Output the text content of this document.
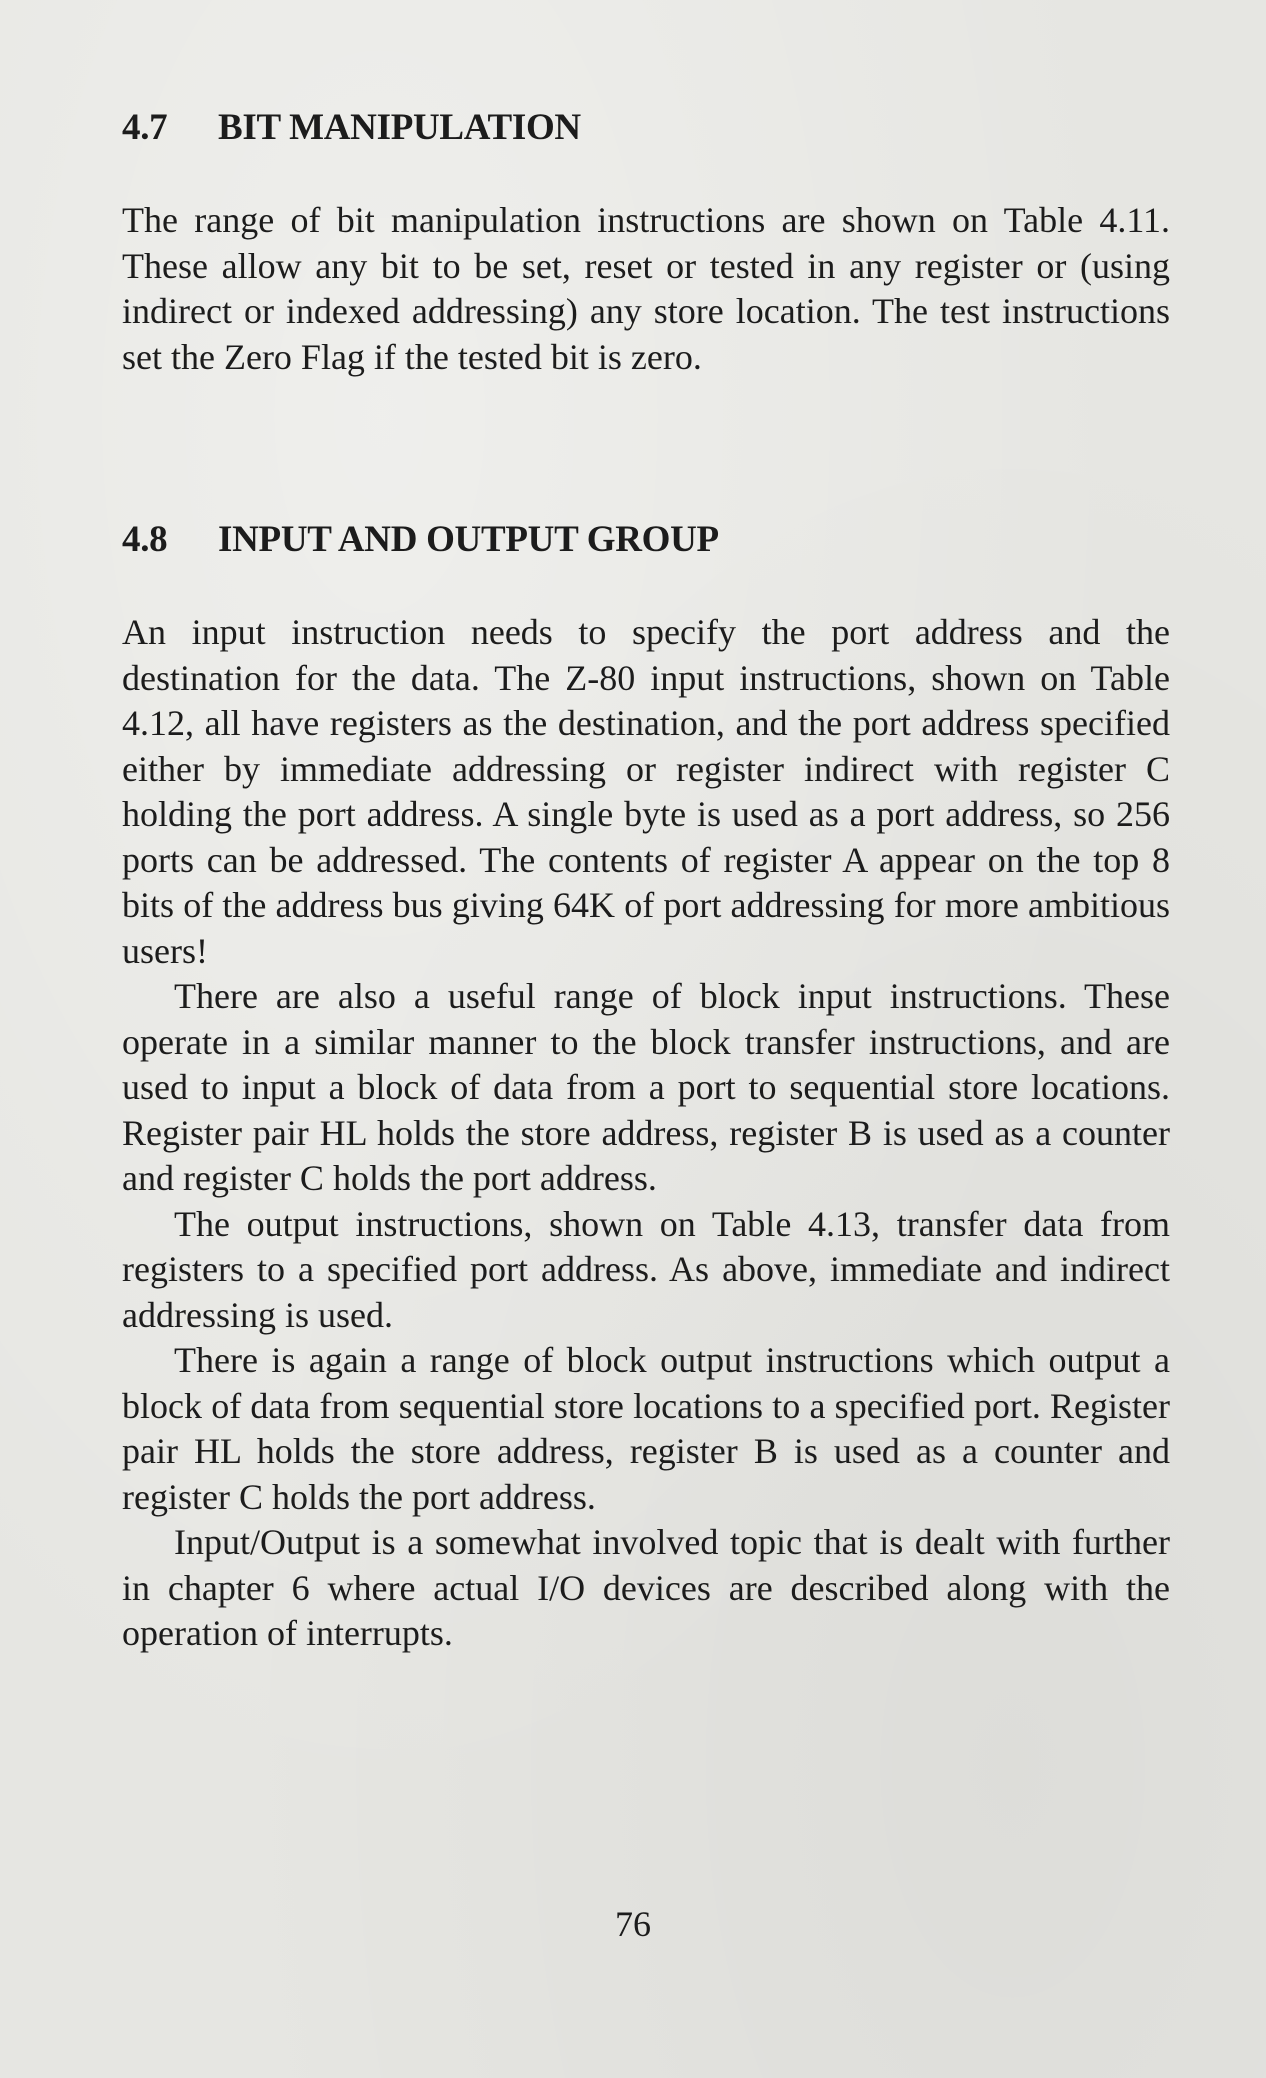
4.7 BIT MANIPULATION

The range of bit manipulation instructions are shown on Table 4.11. These allow any bit to be set, reset or tested in any register or (using indirect or indexed addressing) any store location. The test instructions set the Zero Flag if the tested bit is zero.

4.8 INPUT AND OUTPUT GROUP

An input instruction needs to specify the port address and the destination for the data. The Z-80 input instructions, shown on Table 4.12, all have registers as the destination, and the port address specified either by immediate addressing or register indirect with register C holding the port address. A single byte is used as a port address, so 256 ports can be addressed. The contents of register A appear on the top 8 bits of the address bus giving 64K of port addressing for more ambitious users!

There are also a useful range of block input instructions. These operate in a similar manner to the block transfer instructions, and are used to input a block of data from a port to sequential store locations. Register pair HL holds the store address, register B is used as a counter and register C holds the port address.

The output instructions, shown on Table 4.13, transfer data from registers to a specified port address. As above, immediate and indirect addressing is used.

There is again a range of block output instructions which output a block of data from sequential store locations to a specified port. Register pair HL holds the store address, register B is used as a counter and register C holds the port address.

Input/Output is a somewhat involved topic that is dealt with further in chapter 6 where actual I/O devices are described along with the operation of interrupts.

76
